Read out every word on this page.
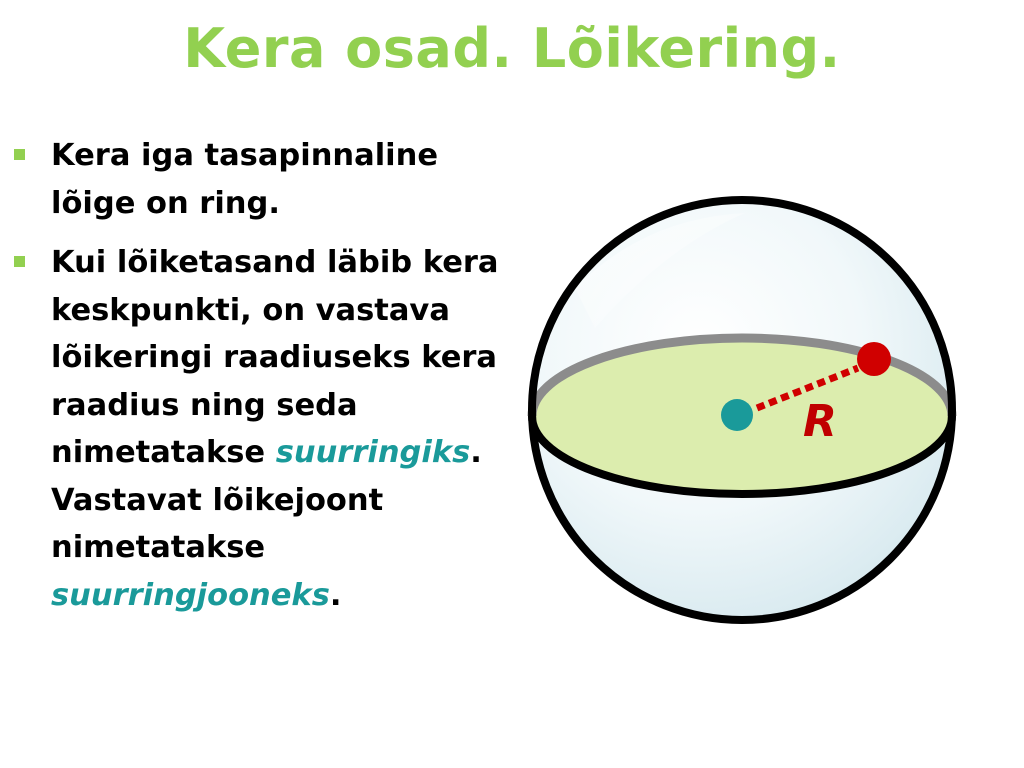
Kera osad. Lõikering.
Kera iga tasapinnaline lõige on ring.
Kui lõiketasand läbib kera keskpunkti, on vastava lõikeringi raadiuseks kera raadius ning seda nimetatakse suurringiks. Vastavat lõikejoont nimetatakse suurringjooneks.
R
